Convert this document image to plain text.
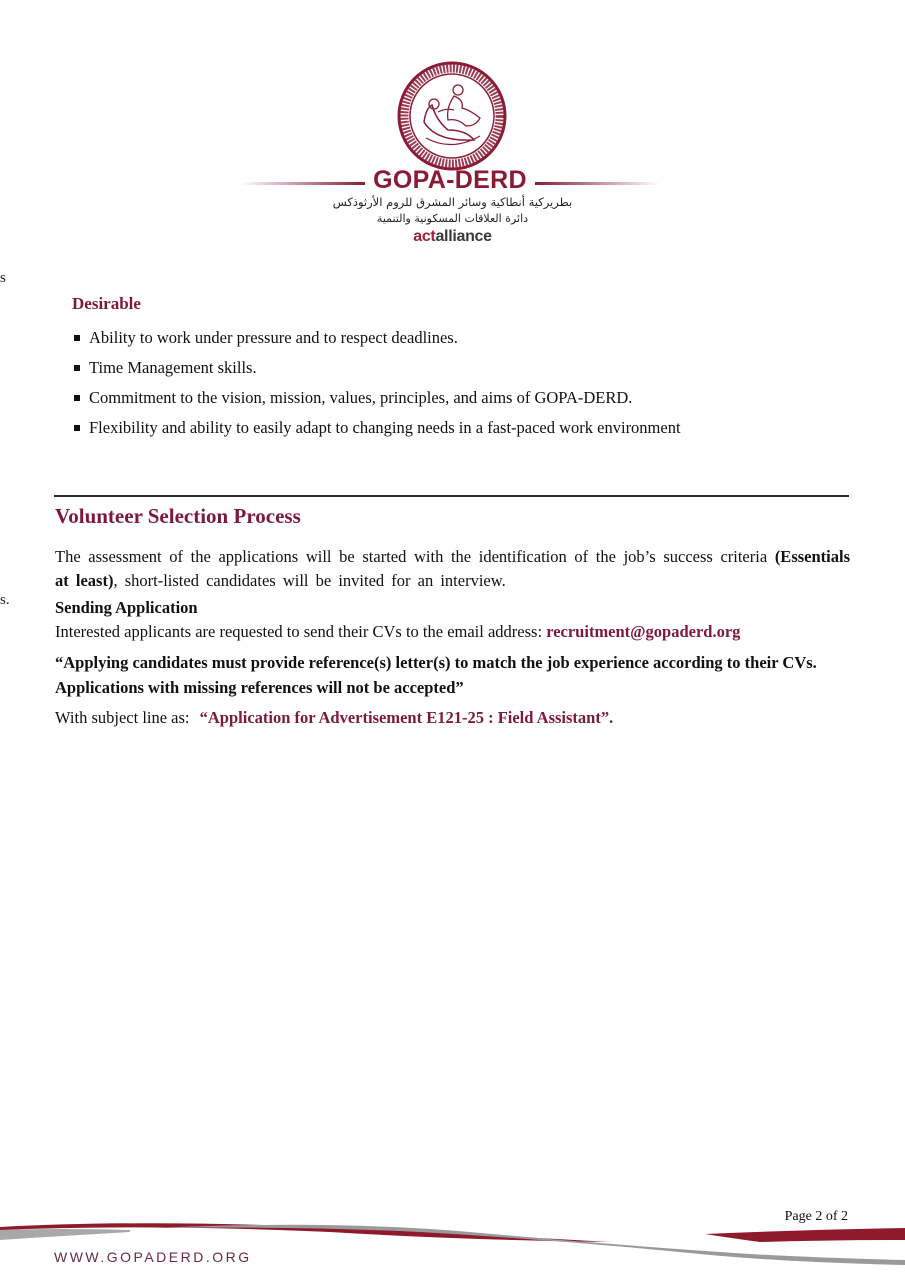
GOPA-DERD
بطريركية أنطاكية وسائر المشرق للروم الأرثوذكس
دائرة العلاقات المسكونية والتنمية
actalliance
s
s.
Desirable
Ability to work under pressure and to respect deadlines.
Time Management skills.
Commitment to the vision, mission, values, principles, and aims of GOPA-DERD.
Flexibility and ability to easily adapt to changing needs in a fast-paced work environment
Volunteer Selection Process
The assessment of the applications will be started with the identification of the job’s success criteria (Essentials at least), short-listed candidates will be invited for an interview.
Sending Application
Interested applicants are requested to send their CVs to the email address: recruitment@gopaderd.org
“Applying candidates must provide reference(s) letter(s) to match the job experience according to their CVs. Applications with missing references will not be accepted”
With subject line as: “Application for Advertisement E121-25 : Field Assistant”.
Page 2 of 2
WWW.GOPADERD.ORG
